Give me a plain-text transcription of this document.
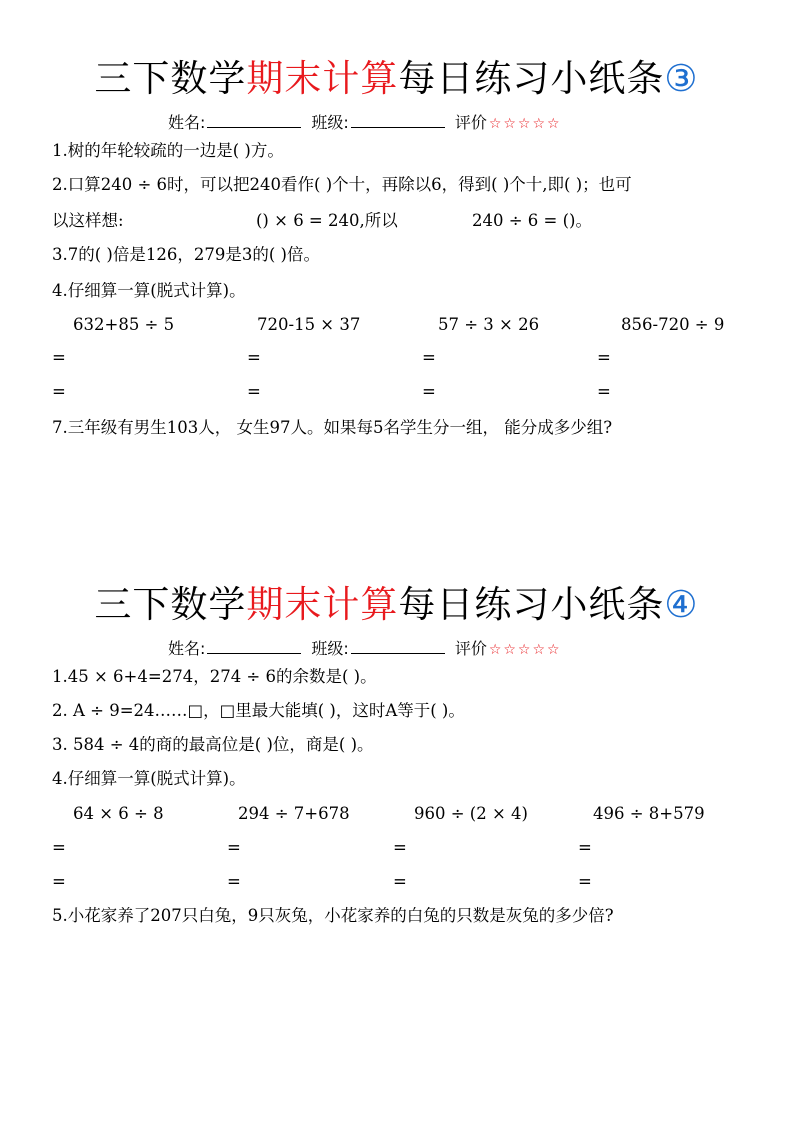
三下数学期末计算每日练习小纸条③
姓名:	班级:	评价 ☆☆☆☆☆
1.树的年轮较疏的一边是( )方。
2.口算240 ÷ 6时，可以把240看作( )个十，再除以6，得到( )个十,即( )；也可
以这样想:	() × 6 = 240,所以	240 ÷ 6 = ()。
3.7的( )倍是126，279是3的( )倍。
4.仔细算一算(脱式计算)。
632+85 ÷ 5	720-15 × 37	57 ÷ 3 × 26	856-720 ÷ 9
=	=	=	=
=	=	=	=
7.三年级有男生103人， 女生97人。如果每5名学生分一组， 能分成多少组?
三下数学期末计算每日练习小纸条④
姓名:	班级:	评价 ☆☆☆☆☆
1.45 × 6+4=274，274 ÷ 6的余数是( )。
2. A ÷ 9=24……□，□里最大能填( )，这时A等于( )。
3. 584 ÷ 4的商的最高位是( )位，商是( )。
4.仔细算一算(脱式计算)。
64 × 6 ÷ 8	294 ÷ 7+678	960 ÷ (2 × 4)	496 ÷ 8+579
=	=	=	=
=	=	=	=
5.小花家养了207只白兔，9只灰兔，小花家养的白兔的只数是灰兔的多少倍?
